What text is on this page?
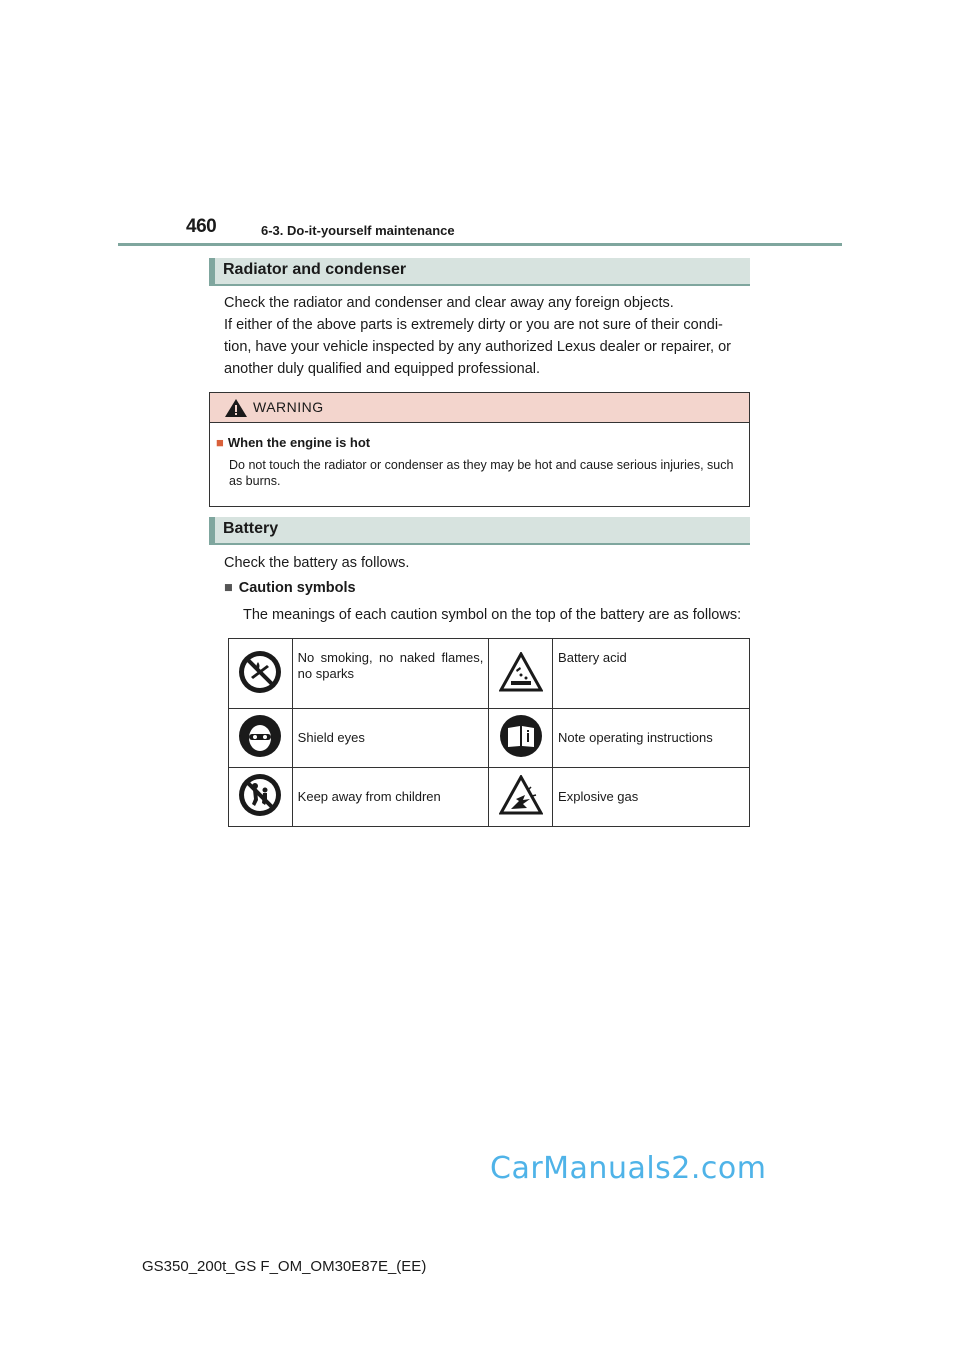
460	6-3. Do-it-yourself maintenance
Radiator and condenser
Check the radiator and condenser and clear away any foreign objects.
If either of the above parts is extremely dirty or you are not sure of their condi-
tion, have your vehicle inspected by any authorized Lexus dealer or repairer, or
another duly qualified and equipped professional.
WARNING
■ When the engine is hot
Do not touch the radiator or condenser as they may be hot and cause serious injuries, such as burns.
Battery
Check the battery as follows.
■ Caution symbols
The meanings of each caution symbol on the top of the battery are as follows:
	No smoking, no naked flames, no sparks		Battery acid
	Shield eyes		Note operating instructions
	Keep away from children		Explosive gas
CarManuals2.com
GS350_200t_GS F_OM_OM30E87E_(EE)
